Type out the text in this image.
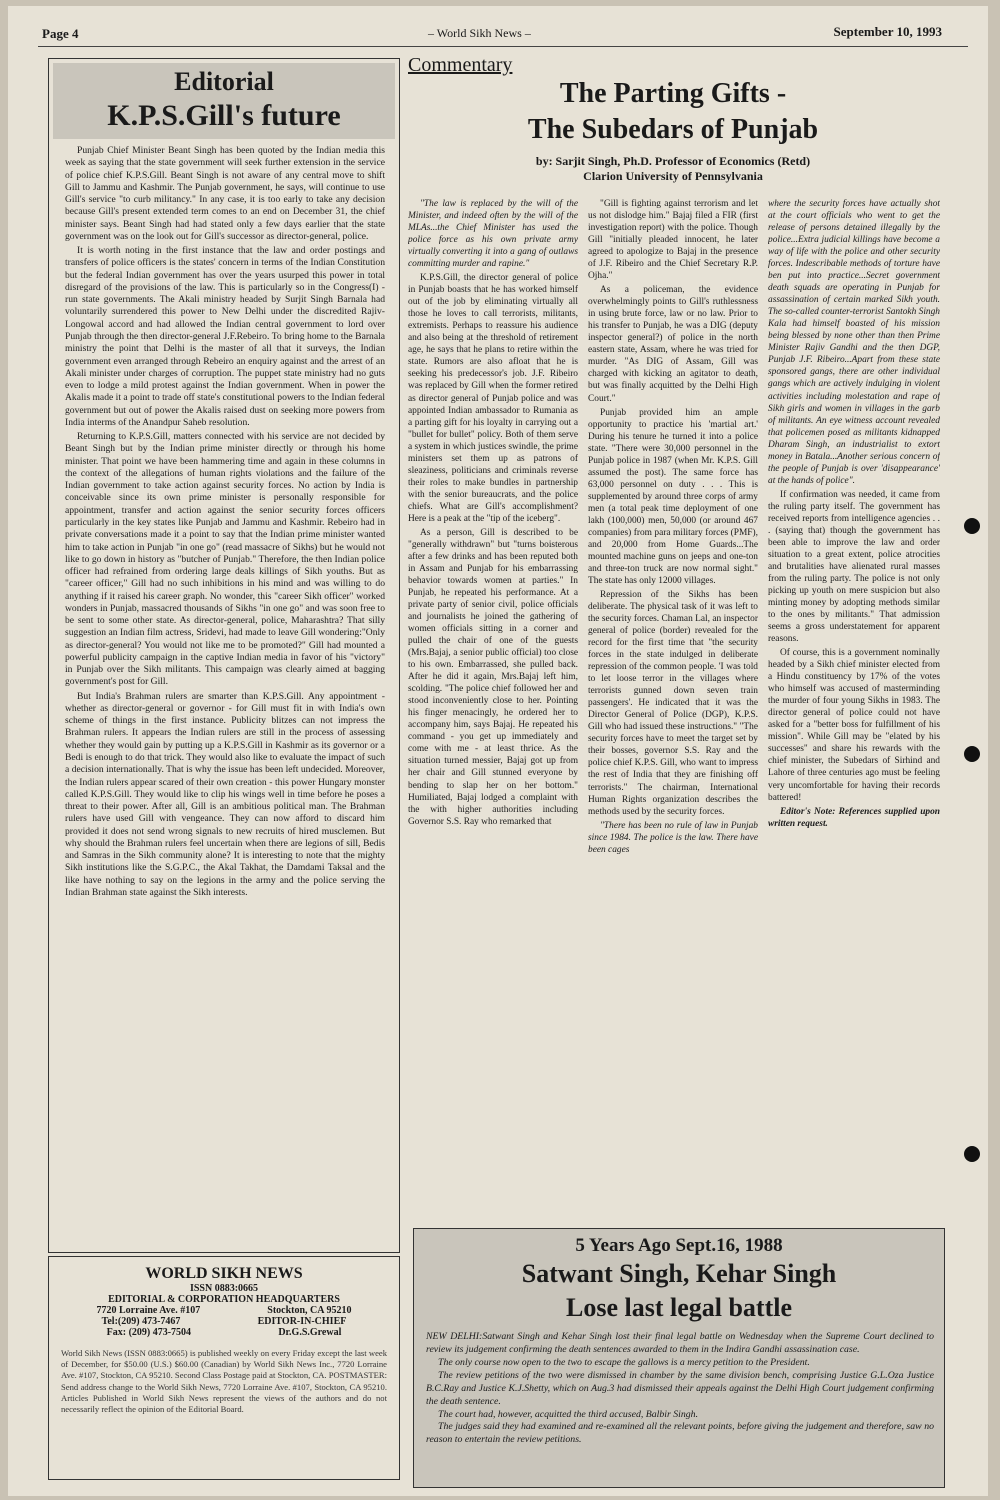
Page 4	– World Sikh News –	September 10, 1993
Editorial
K.P.S.Gill's future

Punjab Chief Minister Beant Singh has been quoted by the Indian media this week as saying that the state government will seek further extension in the service of police chief K.P.S.Gill. Beant Singh is not aware of any central move to shift Gill to Jammu and Kashmir. The Punjab government, he says, will continue to use Gill's service "to curb militancy." In any case, it is too early to take any decision because Gill's present extended term comes to an end on December 31, the chief minister says. Beant Singh had had stated only a few days earlier that the state government was on the look out for Gill's successor as director-general, police.

It is worth noting in the first instance that the law and order postings and transfers of police officers is the states' concern in terms of the Indian Constitution but the federal Indian government has over the years usurped this power in total disregard of the provisions of the law. This is particularly so in the Congress(I) -run state governments. The Akali ministry headed by Surjit Singh Barnala had voluntarily surrendered this power to New Delhi under the discredited Rajiv-Longowal accord and had allowed the Indian central government to lord over Punjab through the then director-general J.F.Rebeiro. To bring home to the Barnala ministry the point that Delhi is the master of all that it surveys, the Indian government even arranged through Rebeiro an enquiry against and the arrest of an Akali minister under charges of corruption. The puppet state ministry had no guts even to lodge a mild protest against the Indian government. When in power the Akalis made it a point to trade off state's constitutional powers to the Indian federal government but out of power the Akalis raised dust on seeking more powers from India interms of the Anandpur Saheb resolution.

Returning to K.P.S.Gill, matters connected with his service are not decided by Beant Singh but by the Indian prime minister directly or through his home minister. That point we have been hammering time and again in these columns in the context of the allegations of human rights violations and the failure of the Indian government to take action against security forces. No action by India is conceivable since its own prime minister is personally responsible for appointment, transfer and action against the senior security forces officers particularly in the key states like Punjab and Jammu and Kashmir. Rebeiro had in private conversations made it a point to say that the Indian prime minister wanted him to take action in Punjab "in one go" (read massacre of Sikhs) but he would not like to go down in history as "butcher of Punjab." Therefore, the then Indian police officer had refrained from ordering large deals killings of Sikh youths. But as "career officer," Gill had no such inhibitions in his mind and was willing to do anything if it raised his career graph. No wonder, this "career Sikh officer" worked wonders in Punjab, massacred thousands of Sikhs "in one go" and was soon free to be sent to some other state. As director-general, police, Maharashtra? That silly suggestion an Indian film actress, Sridevi, had made to leave Gill wondering:"Only as director-general? You would not like me to be promoted?" Gill had mounted a powerful publicity campaign in the captive Indian media in favor of his "victory" in Punjab over the Sikh militants. This campaign was clearly aimed at bagging government's post for Gill.

But India's Brahman rulers are smarter than K.P.S.Gill. Any appointment - whether as director-general or governor - for Gill must fit in with India's own scheme of things in the first instance. Publicity blitzes can not impress the Brahman rulers. It appears the Indian rulers are still in the process of assessing whether they would gain by putting up a K.P.S.Gill in Kashmir as its governor or a Bedi is enough to do that trick. They would also like to evaluate the impact of such a decision internationally. That is why the issue has been left undecided. Moreover, the Indian rulers appear scared of their own creation - this power Hungary monster called K.P.S.Gill. They would like to clip his wings well in time before he poses a threat to their power. After all, Gill is an ambitious political man. The Brahman rulers have used Gill with vengeance. They can now afford to discard him provided it does not send wrong signals to new recruits of hired musclemen. But why should the Brahman rulers feel uncertain when there are legions of sill, Bedis and Samras in the Sikh community alone? It is interesting to note that the mighty Sikh institutions like the S.G.P.C., the Akal Takhat, the Damdami Taksal and the like have nothing to say on the legions in the army and the police serving the Indian Brahman state against the Sikh interests.

WORLD SIKH NEWS
ISSN 0883:0665
EDITORIAL & CORPORATION HEADQUARTERS
7720 Lorraine Ave. #107	Stockton, CA 95210
Tel:(209) 473-7467	EDITOR-IN-CHIEF
Fax: (209) 473-7504	Dr.G.S.Grewal
World Sikh News (ISSN 0883:0665) is published weekly on every Friday except the last week of December, for $50.00 (U.S.) $60.00 (Canadian) by World Sikh News Inc., 7720 Lorraine Ave. #107, Stockton, CA 95210. Second Class Postage paid at Stockton, CA. POSTMASTER: Send address change to the World Sikh News, 7720 Lorraine Ave. #107, Stockton, CA 95210. Articles Published in World Sikh News represent the views of the authors and do not necessarily reflect the opinion of the Editorial Board.
Commentary
The Parting Gifts -
The Subedars of Punjab
by: Sarjit Singh, Ph.D. Professor of Economics (Retd)
Clarion University of Pennsylvania

"The law is replaced by the will of the Minister, and indeed often by the will of the MLAs...the Chief Minister has used the police force as his own private army virtually converting it into a gang of outlaws committing murder and rapine."

K.P.S.Gill, the director general of police in Punjab boasts that he has worked himself out of the job by eliminating virtually all those he loves to call terrorists, militants, extremists. Perhaps to reassure his audience and also being at the threshold of retirement age, he says that he plans to retire within the state. Rumors are also afloat that he is seeking his predecessor's job. J.F. Ribeiro was replaced by Gill when the former retired as director general of Punjab police and was appointed Indian ambassador to Rumania as a parting gift for his loyalty in carrying out a "bullet for bullet" policy. Both of them serve a system in which justices swindle, the prime ministers set them up as patrons of sleaziness, politicians and criminals reverse their roles to make bundles in partnership with the senior bureaucrats, and the police chiefs. What are Gill's accomplishment? Here is a peak at the "tip of the iceberg".

As a person, Gill is described to be "generally withdrawn" but "turns boisterous after a few drinks and has been reputed both in Assam and Punjab for his embarrassing behavior towards women at parties." In Punjab, he repeated his performance. At a private party of senior civil, police officials and journalists he joined the gathering of women officials sitting in a corner and pulled the chair of one of the guests (Mrs.Bajaj, a senior public official) too close to his own. Embarrassed, she pulled back. After he did it again, Mrs.Bajaj left him, scolding. "The police chief followed her and stood inconveniently close to her. Pointing his finger menacingly, he ordered her to accompany him, says Bajaj. He repeated his command - you get up immediately and come with me - at least thrice. As the situation turned messier, Bajaj got up from her chair and Gill stunned everyone by bending to slap her on her bottom." Humiliated, Bajaj lodged a complaint with the with higher authorities including Governor S.S. Ray who remarked that

"Gill is fighting against terrorism and let us not dislodge him." Bajaj filed a FIR (first investigation report) with the police. Though Gill "initially pleaded innocent, he later agreed to apologize to Bajaj in the presence of J.F. Ribeiro and the Chief Secretary R.P. Ojha."

As a policeman, the evidence overwhelmingly points to Gill's ruthlessness in using brute force, law or no law. Prior to his transfer to Punjab, he was a DIG (deputy inspector general?) of police in the north eastern state, Assam, where he was tried for murder. "As DIG of Assam, Gill was charged with kicking an agitator to death, but was finally acquitted by the Delhi High Court."

Punjab provided him an ample opportunity to practice his 'martial art.' During his tenure he turned it into a police state. "There were 30,000 personnel in the Punjab police in 1987 (when Mr. K.P.S. Gill assumed the post). The same force has 63,000 personnel on duty . . . This is supplemented by around three corps of army men (a total peak time deployment of one lakh (100,000) men, 50,000 (or around 467 companies) from para military forces (PMF), and 20,000 from Home Guards...The mounted machine guns on jeeps and one-ton and three-ton truck are now normal sight." The state has only 12000 villages.

Repression of the Sikhs has been deliberate. The physical task of it was left to the security forces. Chaman Lal, an inspector general of police (border) revealed for the record for the first time that "the security forces in the state indulged in deliberate repression of the common people. 'I was told to let loose terror in the villages where terrorists gunned down seven train passengers'. He indicated that it was the Director General of Police (DGP), K.P.S. Gill who had issued these instructions." "The security forces have to meet the target set by their bosses, governor S.S. Ray and the police chief K.P.S. Gill, who want to impress the rest of India that they are finishing off terrorists." The chairman, International Human Rights organization describes the methods used by the security forces.

"There has been no rule of law in Punjab since 1984. The police is the law. There have been cages

where the security forces have actually shot at the court officials who went to get the release of persons detained illegally by the police...Extra judicial killings have become a way of life with the police and other security forces. Indescribable methods of torture have ben put into practice...Secret government death squads are operating in Punjab for assassination of certain marked Sikh youth. The so-called counter-terrorist Santokh Singh Kala had himself boasted of his mission being blessed by none other than then Prime Minister Rajiv Gandhi and the then DGP, Punjab J.F. Ribeiro...Apart from these state sponsored gangs, there are other individual gangs which are actively indulging in violent activities including molestation and rape of Sikh girls and women in villages in the garb of militants. An eye witness account revealed that policemen posed as militants kidnapped Dharam Singh, an industrialist to extort money in Batala...Another serious concern of the people of Punjab is over 'disappearance' at the hands of police".

If confirmation was needed, it came from the ruling party itself. The government has received reports from intelligence agencies . . . (saying that) though the government has been able to improve the law and order situation to a great extent, police atrocities and brutalities have alienated rural masses from the ruling party. The police is not only picking up youth on mere suspicion but also minting money by adopting methods similar to the ones by militants." That admission seems a gross understatement for apparent reasons.

Of course, this is a government nominally headed by a Sikh chief minister elected from a Hindu constituency by 17% of the votes who himself was accused of masterminding the murder of four young Sikhs in 1983. The director general of police could not have asked for a "better boss for fulfillment of his mission". While Gill may be "elated by his successes" and share his rewards with the chief minister, the Subedars of Sirhind and Lahore of three centuries ago must be feeling very uncomfortable for having their records battered!

Editor's Note: References supplied upon written request.

5 Years Ago Sept.16, 1988
Satwant Singh, Kehar Singh
Lose last legal battle
NEW DELHI:Satwant Singh and Kehar Singh lost their final legal battle on Wednesday when the Supreme Court declined to review its judgement confirming the death sentences awarded to them in the Indira Gandhi assassination case.
The only course now open to the two to escape the gallows is a mercy petition to the President.
The review petitions of the two were dismissed in chamber by the same division bench, comprising Justice G.L.Oza Justice B.C.Ray and Justice K.J.Shetty, which on Aug.3 had dismissed their appeals against the Delhi High Court judgement confirming the death sentence.
The court had, however, acquitted the third accused, Balbir Singh.
The judges said they had examined and re-examined all the relevant points, before giving the judgement and therefore, saw no reason to entertain the review petitions.
